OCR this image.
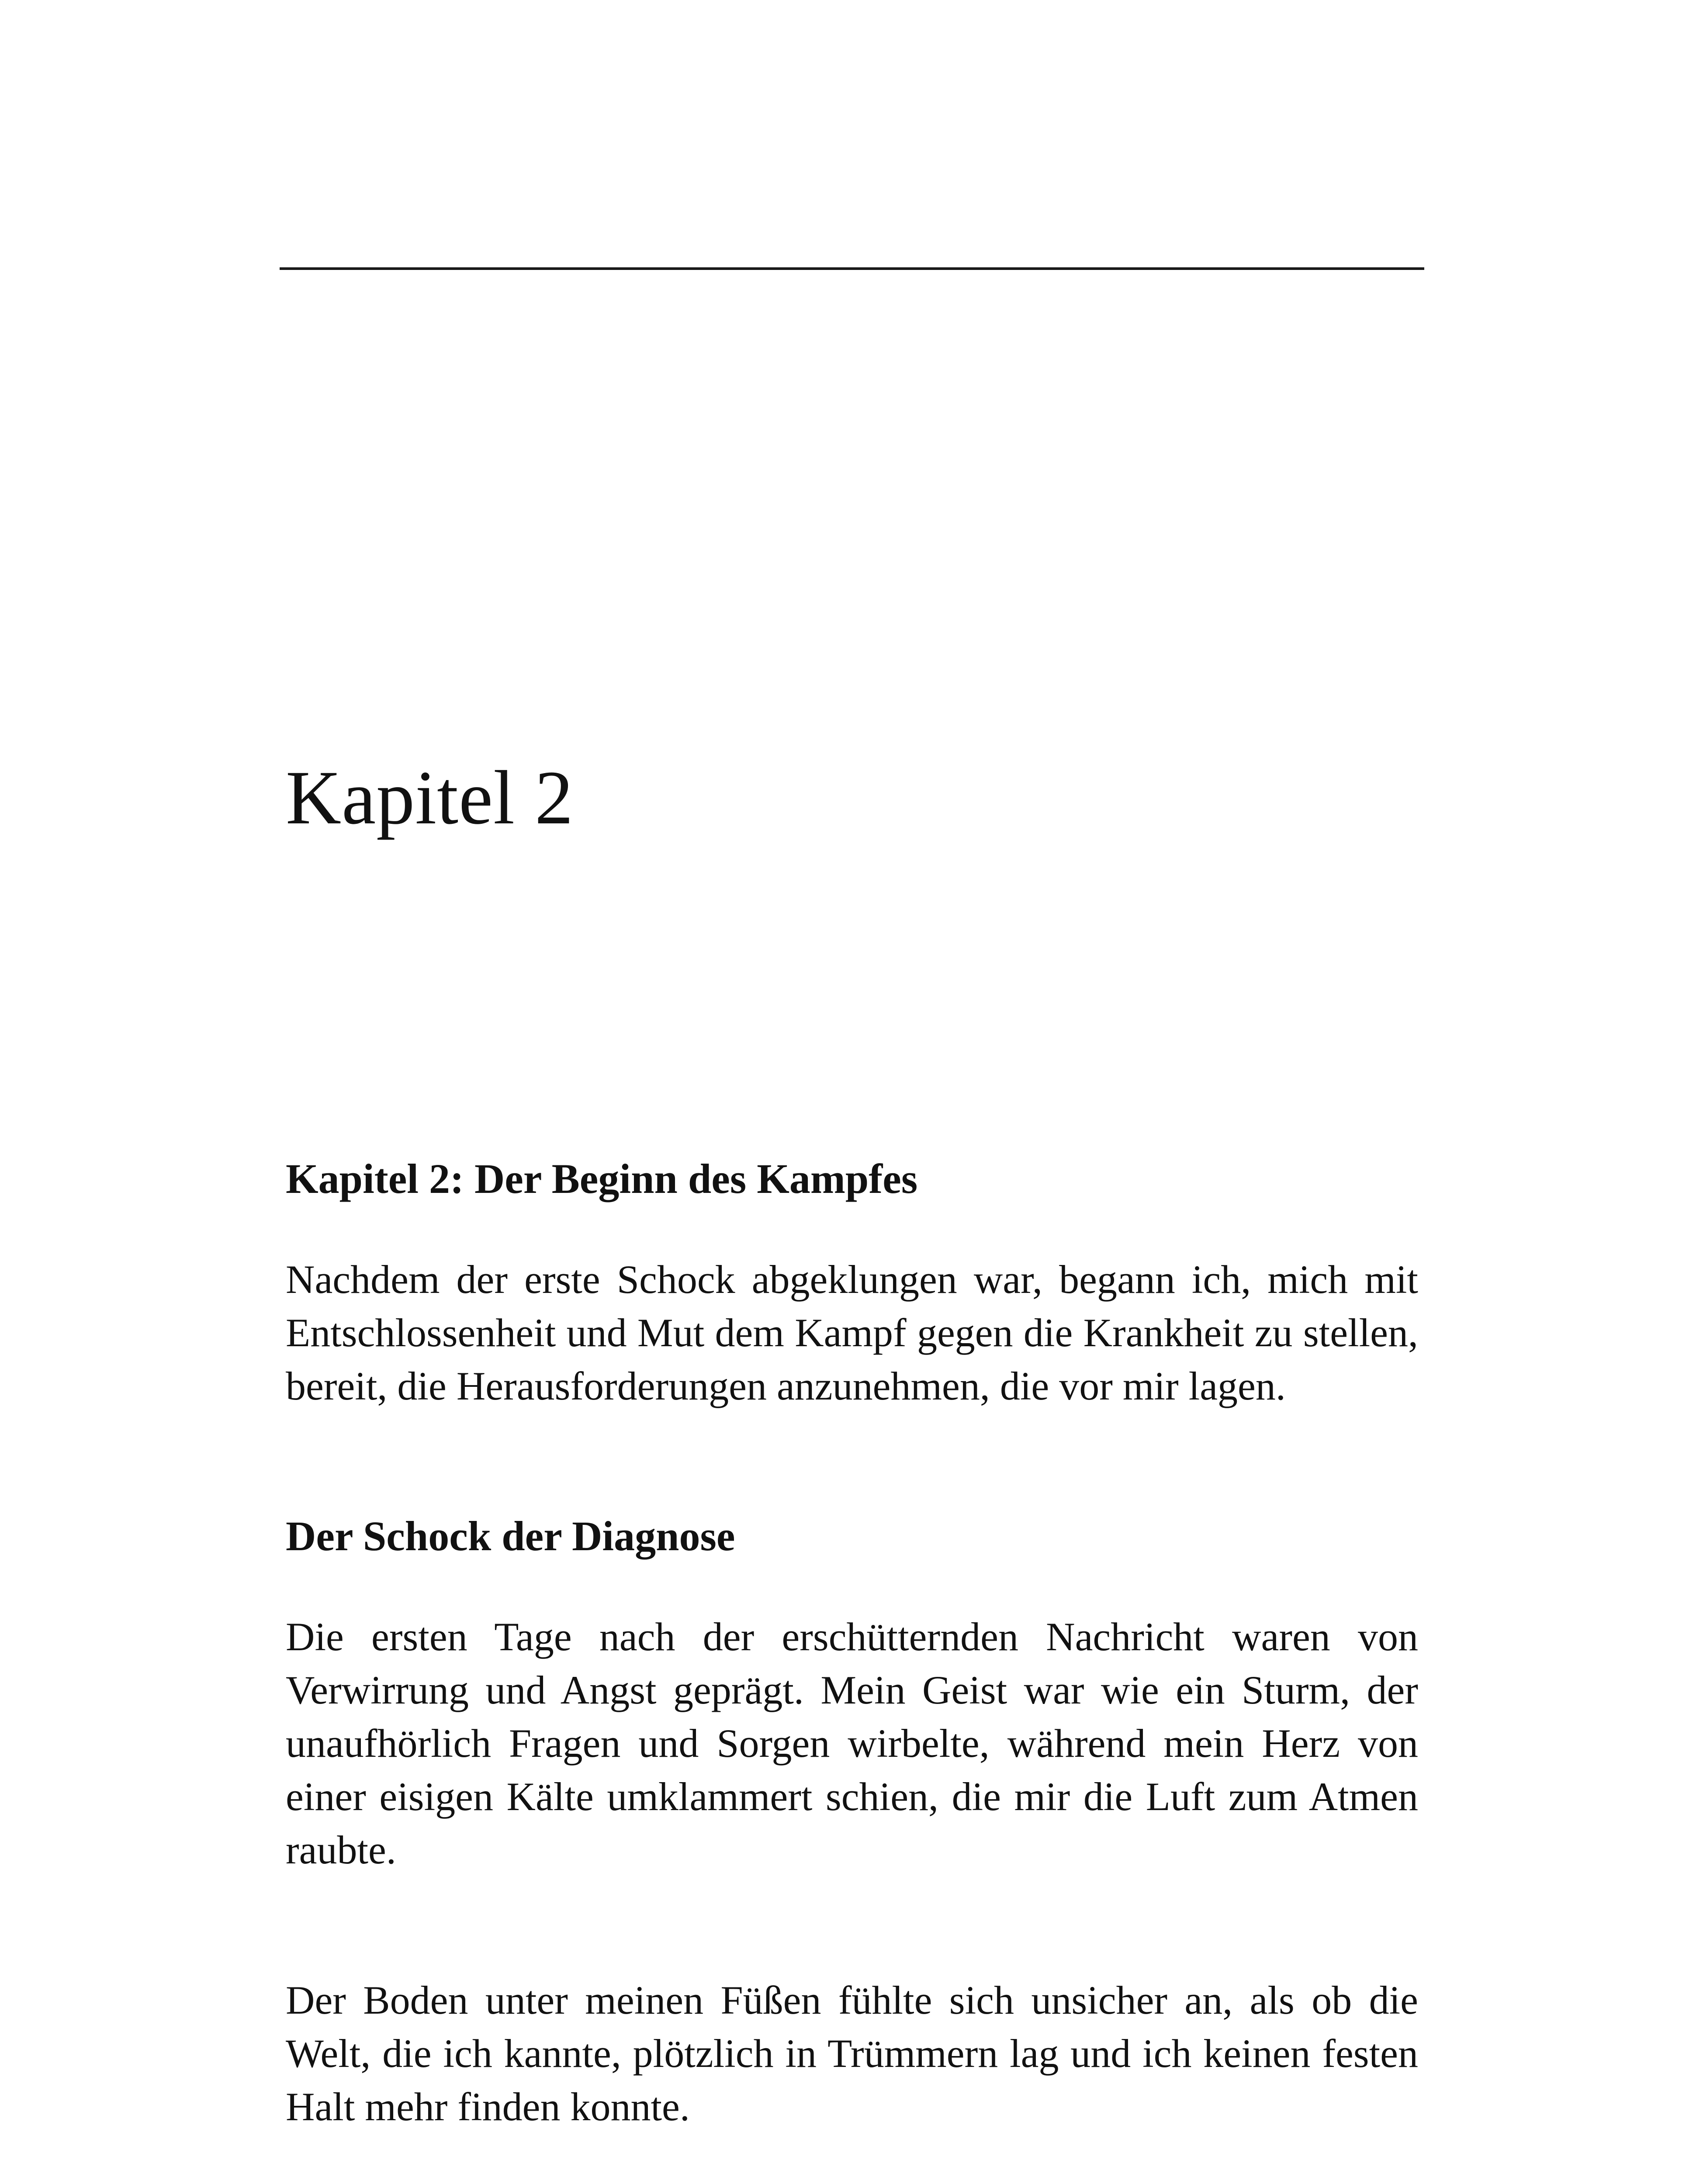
Kapitel 2
Kapitel 2: Der Beginn des Kampfes

Nachdem der erste Schock abgeklungen war, begann ich, mich mit Entschlossenheit und Mut dem Kampf gegen die Krankheit zu stellen, bereit, die Herausforderungen anzunehmen, die vor mir lagen.

Der Schock der Diagnose

Die ersten Tage nach der erschütternden Nachricht waren von Verwirrung und Angst geprägt. Mein Geist war wie ein Sturm, der unaufhörlich Fragen und Sorgen wirbelte, während mein Herz von einer eisigen Kälte umklammert schien, die mir die Luft zum Atmen raubte.

Der Boden unter meinen Füßen fühlte sich unsicher an, als ob die Welt, die ich kannte, plötzlich in Trümmern lag und ich keinen festen Halt mehr finden konnte.
